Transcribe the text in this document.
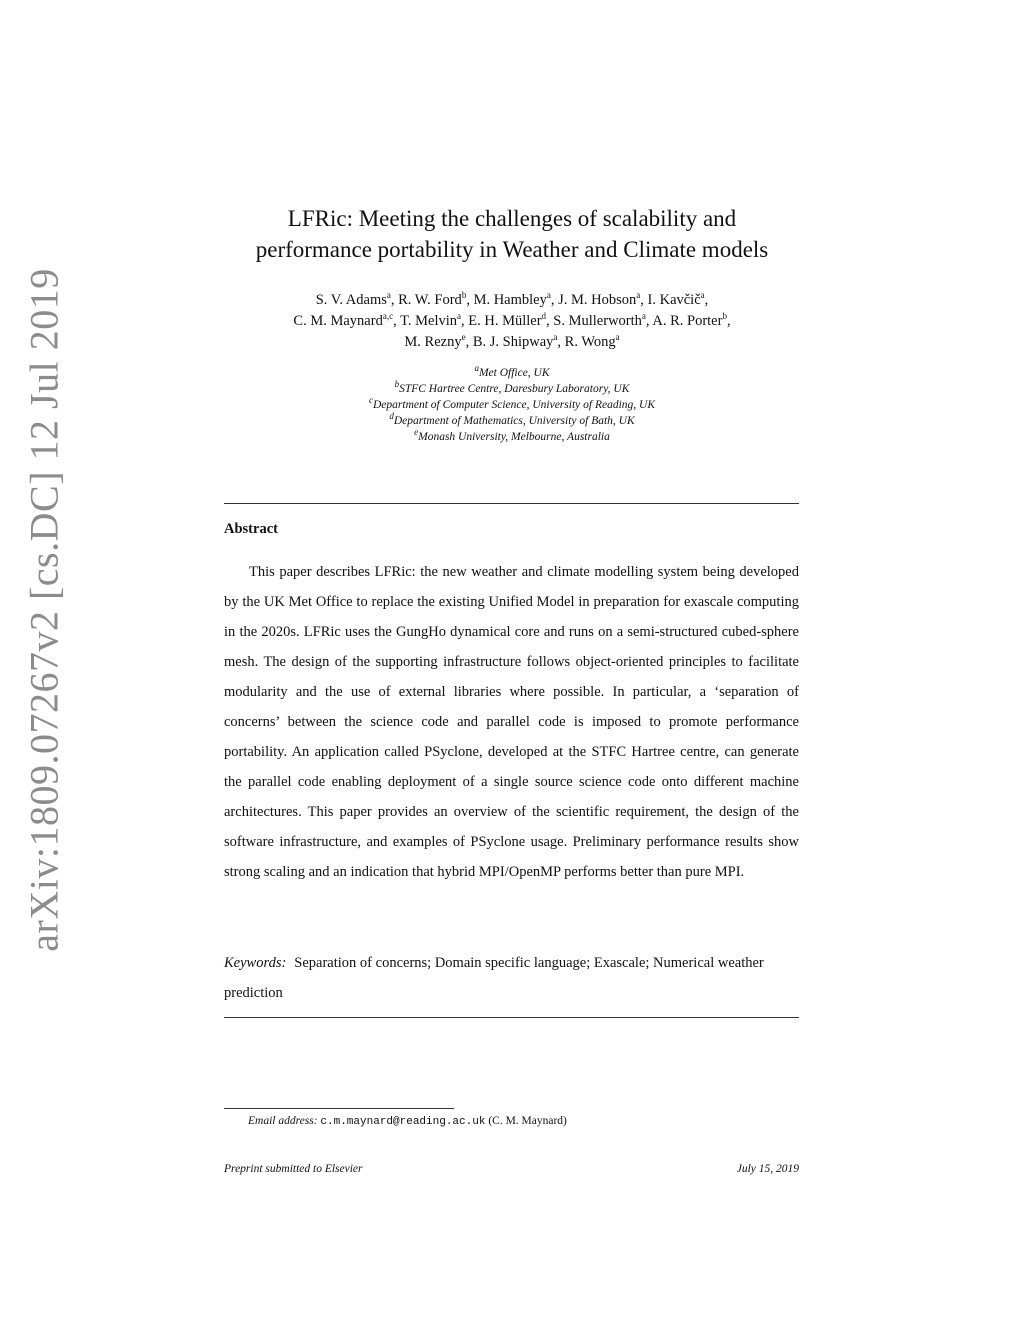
arXiv:1809.07267v2 [cs.DC] 12 Jul 2019
LFRic: Meeting the challenges of scalability and
performance portability in Weather and Climate models
S. V. Adams$^a$, R. W. Ford$^b$, M. Hambley$^a$, J. M. Hobson$^a$, I. Kavčič$^a$,
C. M. Maynard$^{a,c}$, T. Melvin$^a$, E. H. Müller$^d$, S. Mullerworth$^a$, A. R. Porter$^b$,
M. Rezny$^e$, B. J. Shipway$^a$, R. Wong$^a$
$^a$Met Office, UK
$^b$STFC Hartree Centre, Daresbury Laboratory, UK
$^c$Department of Computer Science, University of Reading, UK
$^d$Department of Mathematics, University of Bath, UK
$^e$Monash University, Melbourne, Australia
Abstract

This paper describes LFRic: the new weather and climate modelling system being developed by the UK Met Office to replace the existing Unified Model in preparation for exascale computing in the 2020s. LFRic uses the GungHo dynamical core and runs on a semi-structured cubed-sphere mesh. The design of the supporting infrastructure follows object-oriented principles to facilitate modularity and the use of external libraries where possible. In particular, a ‘separation of concerns’ between the science code and parallel code is imposed to promote performance portability. An application called PSyclone, developed at the STFC Hartree centre, can generate the parallel code enabling deployment of a single source science code onto different machine architectures. This paper provides an overview of the scientific requirement, the design of the software infrastructure, and examples of PSyclone usage. Preliminary performance results show strong scaling and an indication that hybrid MPI/OpenMP performs better than pure MPI.

Keywords: Separation of concerns; Domain specific language; Exascale; Numerical weather prediction

Email address: c.m.maynard@reading.ac.uk (C. M. Maynard)
Preprint submitted to Elsevier	July 15, 2019
